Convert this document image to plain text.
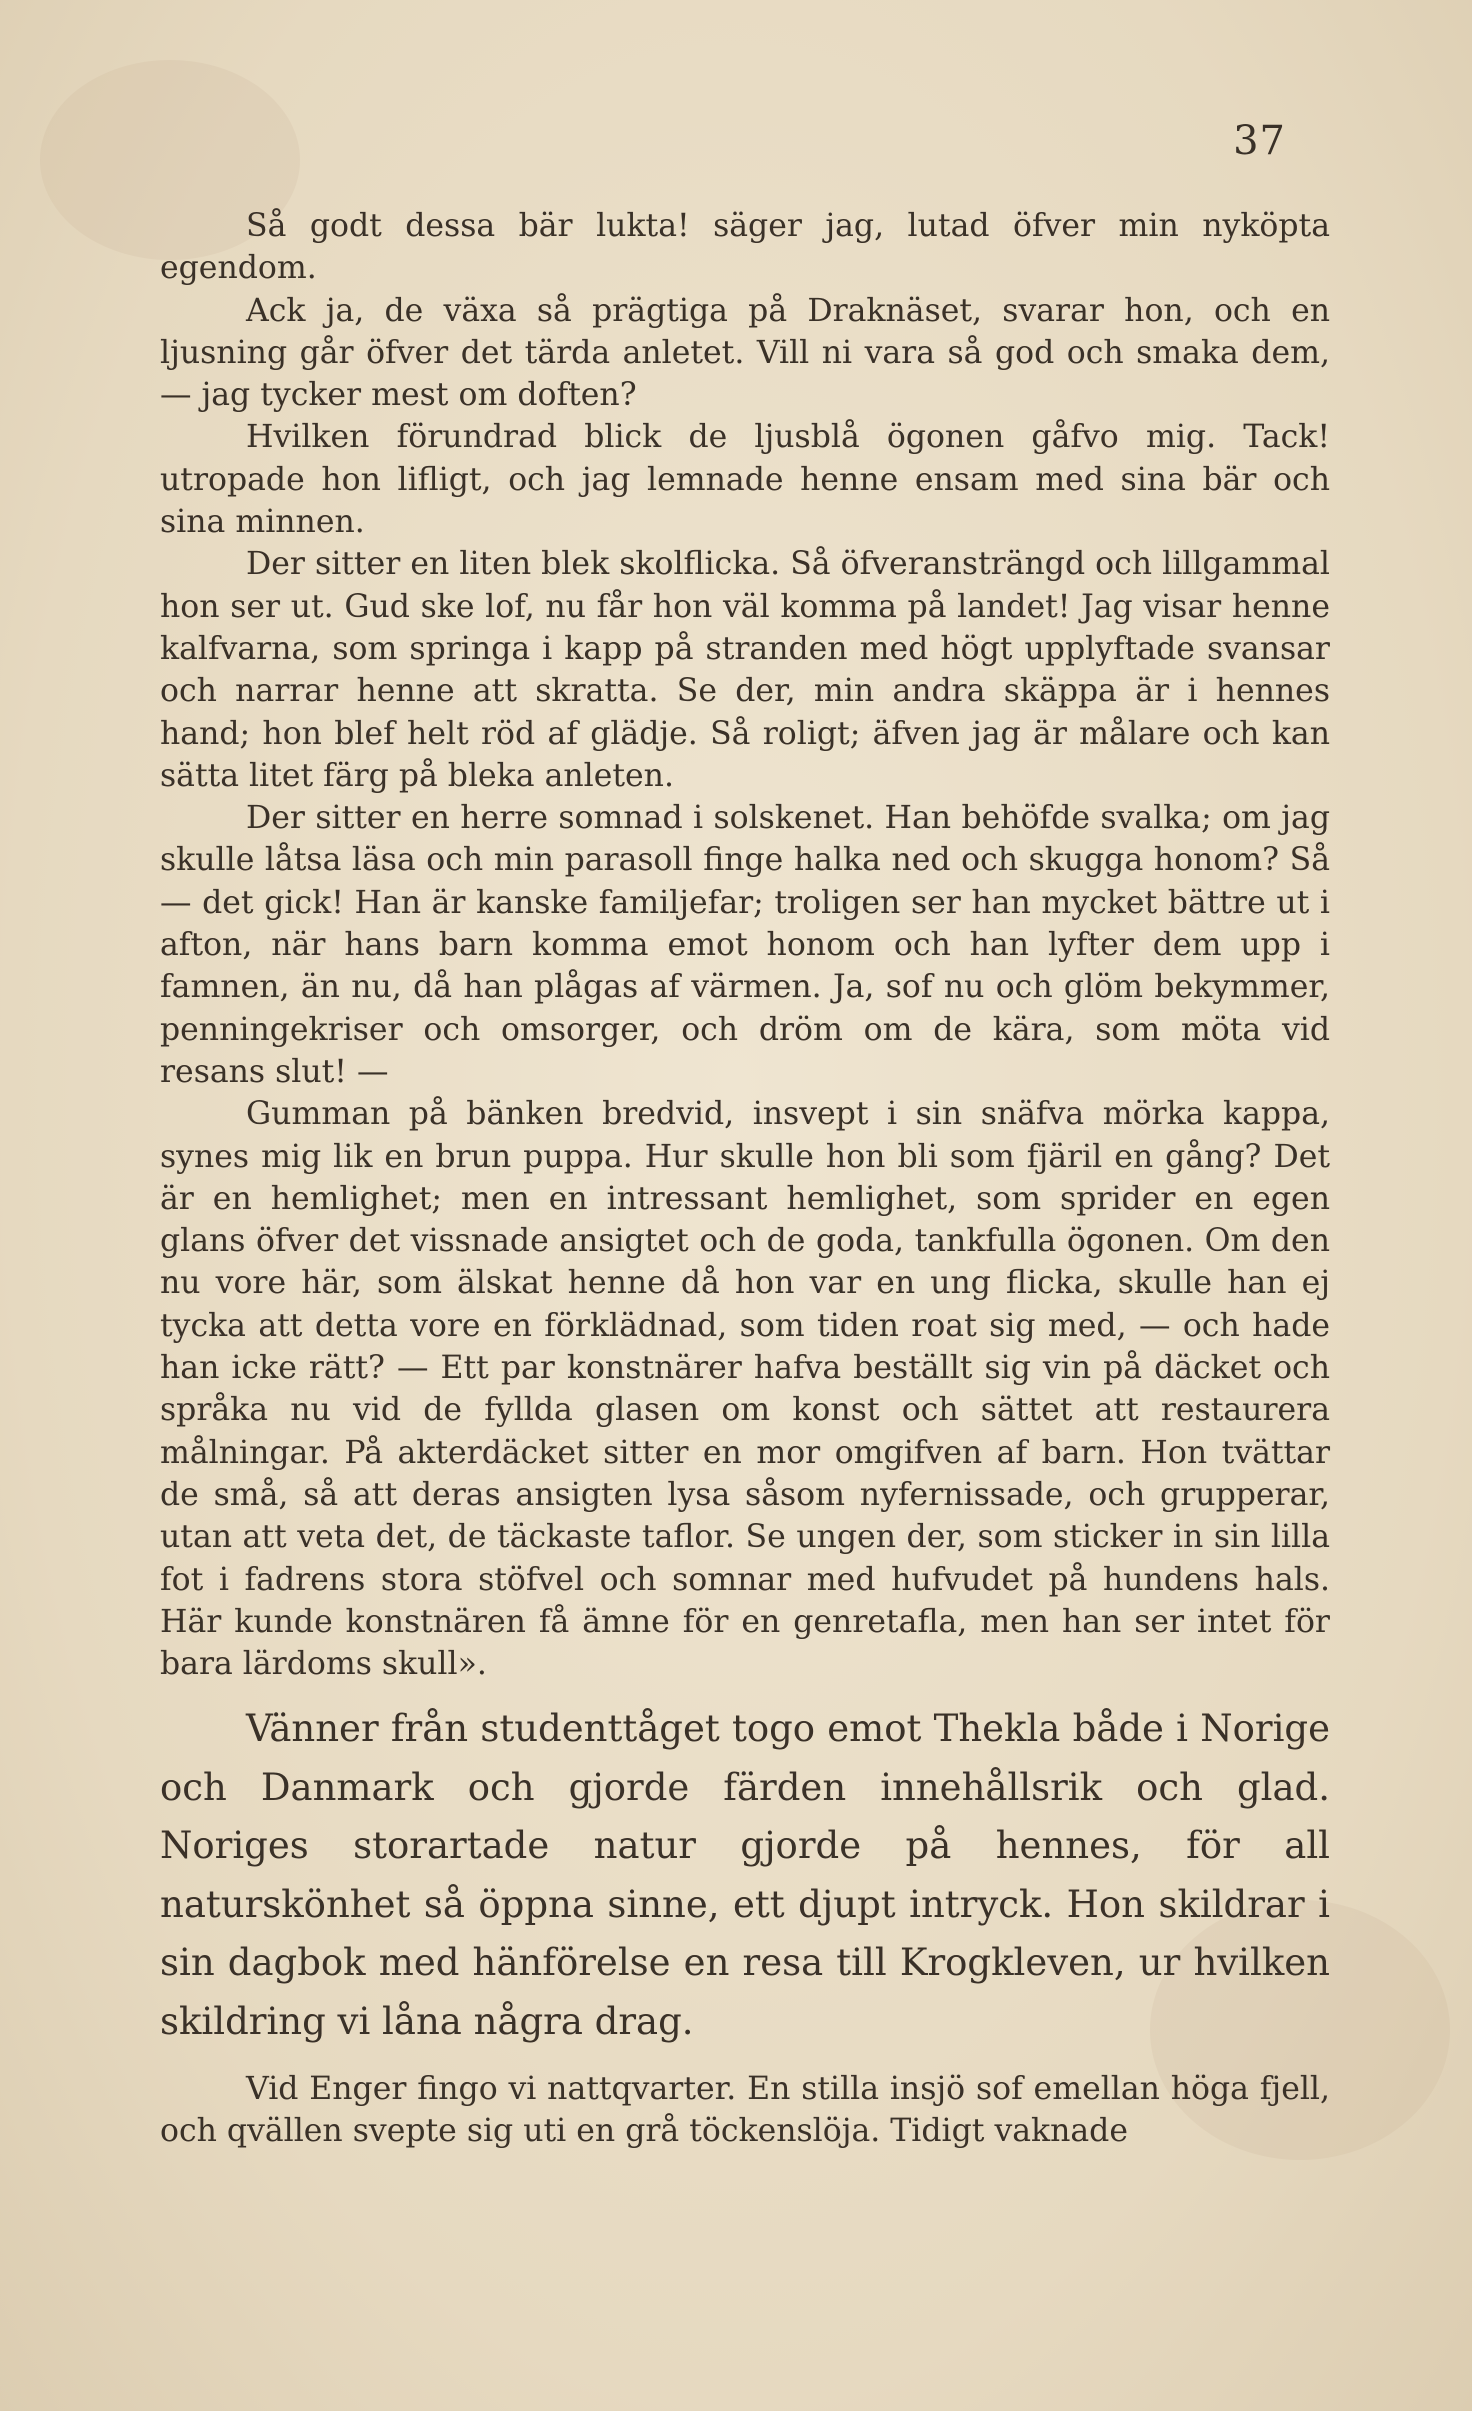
37

Så godt dessa bär lukta! säger jag, lutad öfver min nyköpta egendom.

Ack ja, de växa så prägtiga på Draknäset, svarar hon, och en ljusning går öfver det tärda anletet. Vill ni vara så god och smaka dem, — jag tycker mest om doften?

Hvilken förundrad blick de ljusblå ögonen gåfvo mig. Tack! utropade hon lifligt, och jag lemnade henne ensam med sina bär och sina minnen.

Der sitter en liten blek skolflicka. Så öfveransträngd och lillgammal hon ser ut. Gud ske lof, nu får hon väl komma på landet! Jag visar henne kalfvarna, som springa i kapp på stranden med högt upplyftade svansar och narrar henne att skratta. Se der, min andra skäppa är i hennes hand; hon blef helt röd af glädje. Så roligt; äfven jag är målare och kan sätta litet färg på bleka anleten.

Der sitter en herre somnad i solskenet. Han behöfde svalka; om jag skulle låtsa läsa och min parasoll finge halka ned och skugga honom? Så — det gick! Han är kanske familjefar; troligen ser han mycket bättre ut i afton, när hans barn komma emot honom och han lyfter dem upp i famnen, än nu, då han plågas af värmen. Ja, sof nu och glöm bekymmer, penningekriser och omsorger, och dröm om de kära, som möta vid resans slut! —

Gumman på bänken bredvid, insvept i sin snäfva mörka kappa, synes mig lik en brun puppa. Hur skulle hon bli som fjäril en gång? Det är en hemlighet; men en intressant hemlighet, som sprider en egen glans öfver det vissnade ansigtet och de goda, tankfulla ögonen. Om den nu vore här, som älskat henne då hon var en ung flicka, skulle han ej tycka att detta vore en förklädnad, som tiden roat sig med, — och hade han icke rätt? — Ett par konstnärer hafva beställt sig vin på däcket och språka nu vid de fyllda glasen om konst och sättet att restaurera målningar. På akterdäcket sitter en mor omgifven af barn. Hon tvättar de små, så att deras ansigten lysa såsom nyfernissade, och grupperar, utan att veta det, de täckaste taflor. Se ungen der, som sticker in sin lilla fot i fadrens stora stöfvel och somnar med hufvudet på hundens hals. Här kunde konstnären få ämne för en genretafla, men han ser intet för bara lärdoms skull».

Vänner från studenttåget togo emot Thekla både i Norige och Danmark och gjorde färden innehållsrik och glad. Noriges storartade natur gjorde på hennes, för all naturskönhet så öppna sinne, ett djupt intryck. Hon skildrar i sin dagbok med hänförelse en resa till Krogkleven, ur hvilken skildring vi låna några drag.

Vid Enger fingo vi nattqvarter. En stilla insjö sof emellan höga fjell, och qvällen svepte sig uti en grå töckenslöja. Tidigt vaknade
